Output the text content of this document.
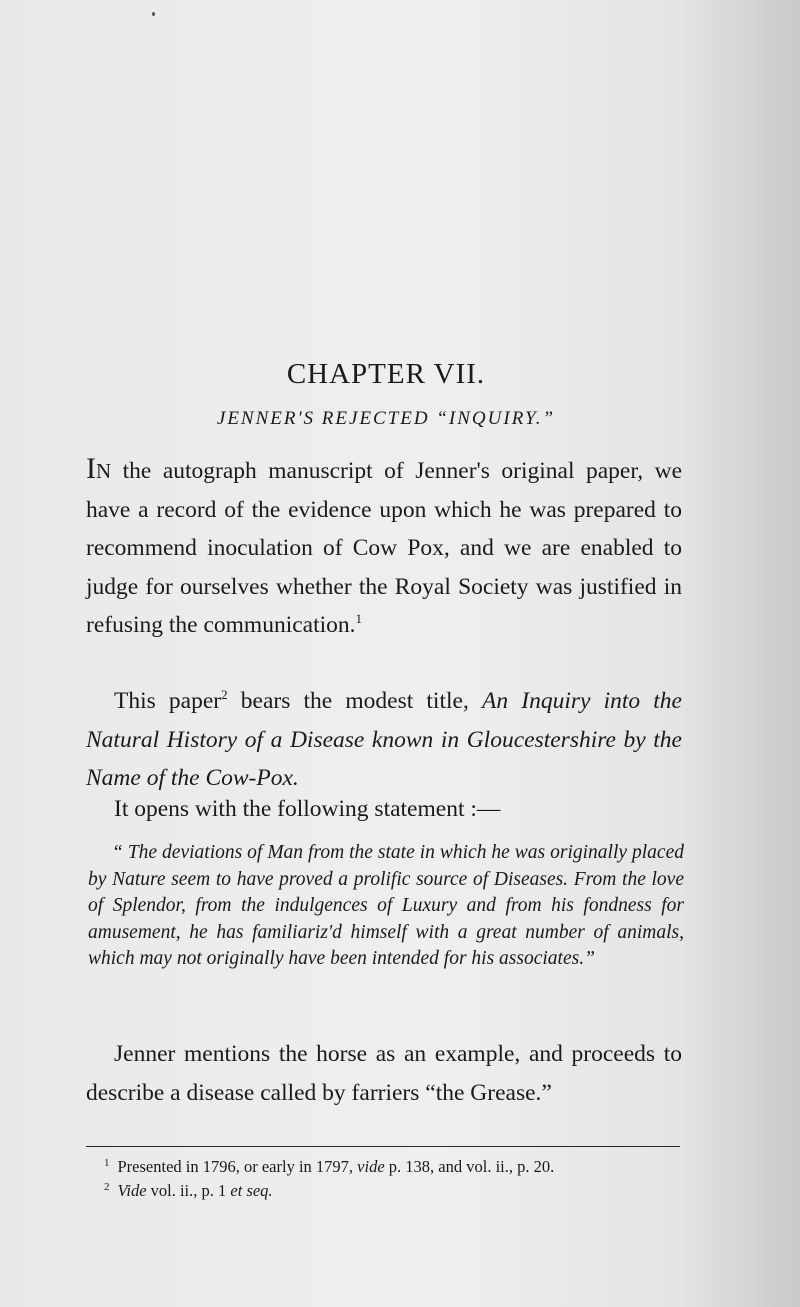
CHAPTER VII.
JENNER'S REJECTED “INQUIRY.”

In the autograph manuscript of Jenner's original paper, we have a record of the evidence upon which he was prepared to recommend inoculation of Cow Pox, and we are enabled to judge for ourselves whether the Royal Society was justified in refusing the communication.$^1$

This paper$^2$ bears the modest title, An Inquiry into the Natural History of a Disease known in Gloucestershire by the Name of the Cow-Pox.

It opens with the following statement :—

“ The deviations of Man from the state in which he was originally placed by Nature seem to have proved a prolific source of Diseases. From the love of Splendor, from the indulgences of Luxury and from his fondness for amusement, he has familiariz'd himself with a great number of animals, which may not originally have been intended for his associates.”

Jenner mentions the horse as an example, and proceeds to describe a disease called by farriers “the Grease.”

$^1$ Presented in 1796, or early in 1797, vide p. 138, and vol. ii., p. 20.
$^2$ Vide vol. ii., p. 1 et seq.
